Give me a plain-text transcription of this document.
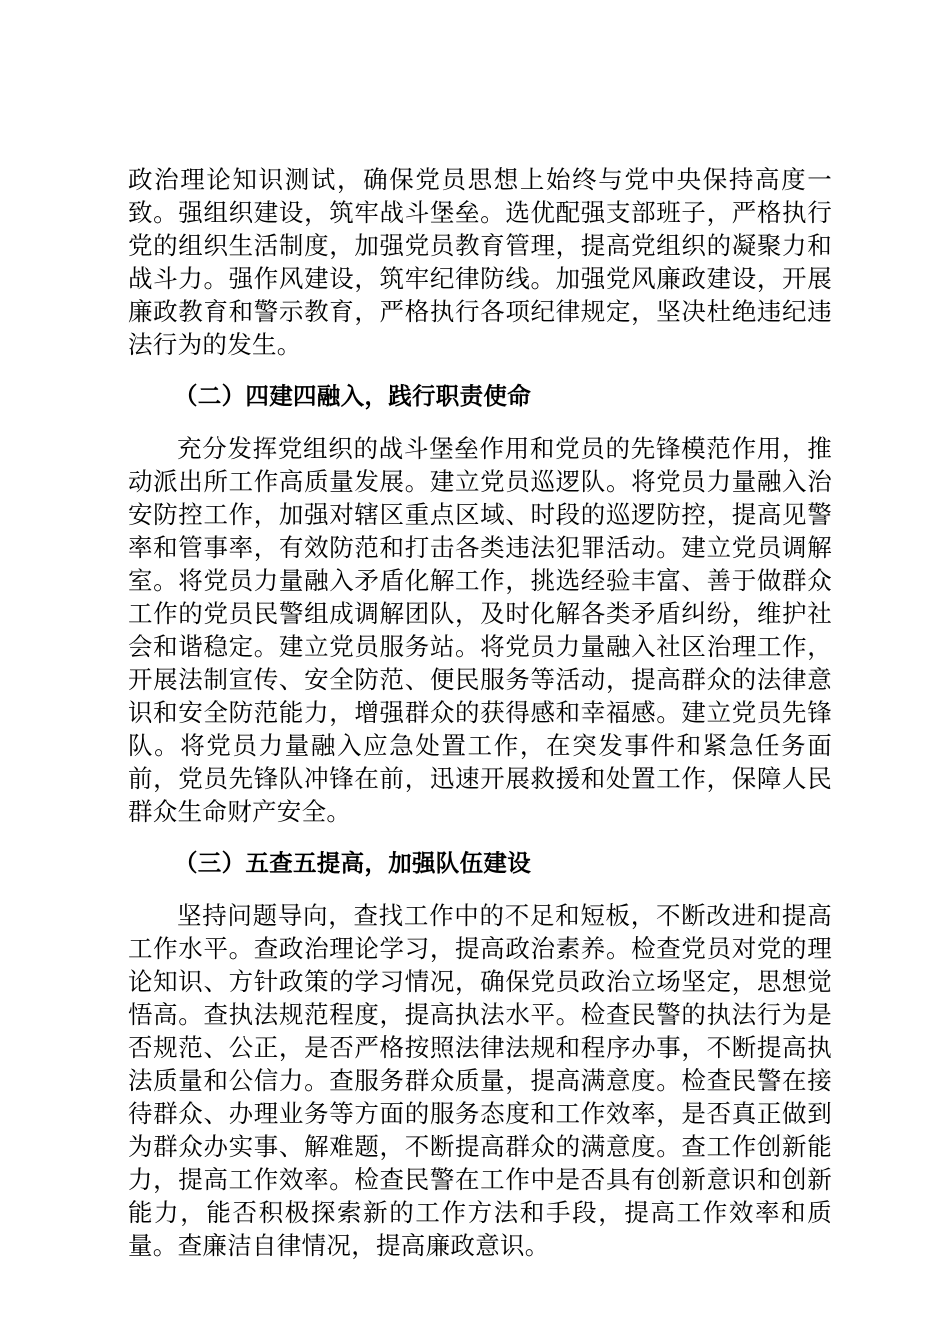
政治理论知识测试，确保党员思想上始终与党中央保持高度一致。强组织建设，筑牢战斗堡垒。选优配强支部班子，严格执行党的组织生活制度，加强党员教育管理，提高党组织的凝聚力和战斗力。强作风建设，筑牢纪律防线。加强党风廉政建设，开展廉政教育和警示教育，严格执行各项纪律规定，坚决杜绝违纪违法行为的发生。

（二）四建四融入，践行职责使命

充分发挥党组织的战斗堡垒作用和党员的先锋模范作用，推动派出所工作高质量发展。建立党员巡逻队。将党员力量融入治安防控工作，加强对辖区重点区域、时段的巡逻防控，提高见警率和管事率，有效防范和打击各类违法犯罪活动。建立党员调解室。将党员力量融入矛盾化解工作，挑选经验丰富、善于做群众工作的党员民警组成调解团队，及时化解各类矛盾纠纷，维护社会和谐稳定。建立党员服务站。将党员力量融入社区治理工作，开展法制宣传、安全防范、便民服务等活动，提高群众的法律意识和安全防范能力，增强群众的获得感和幸福感。建立党员先锋队。将党员力量融入应急处置工作，在突发事件和紧急任务面前，党员先锋队冲锋在前，迅速开展救援和处置工作，保障人民群众生命财产安全。

（三）五查五提高，加强队伍建设

坚持问题导向，查找工作中的不足和短板，不断改进和提高工作水平。查政治理论学习，提高政治素养。检查党员对党的理论知识、方针政策的学习情况，确保党员政治立场坚定，思想觉悟高。查执法规范程度，提高执法水平。检查民警的执法行为是否规范、公正，是否严格按照法律法规和程序办事，不断提高执法质量和公信力。查服务群众质量，提高满意度。检查民警在接待群众、办理业务等方面的服务态度和工作效率，是否真正做到为群众办实事、解难题，不断提高群众的满意度。查工作创新能力，提高工作效率。检查民警在工作中是否具有创新意识和创新能力，能否积极探索新的工作方法和手段，提高工作效率和质量。查廉洁自律情况，提高廉政意识。
